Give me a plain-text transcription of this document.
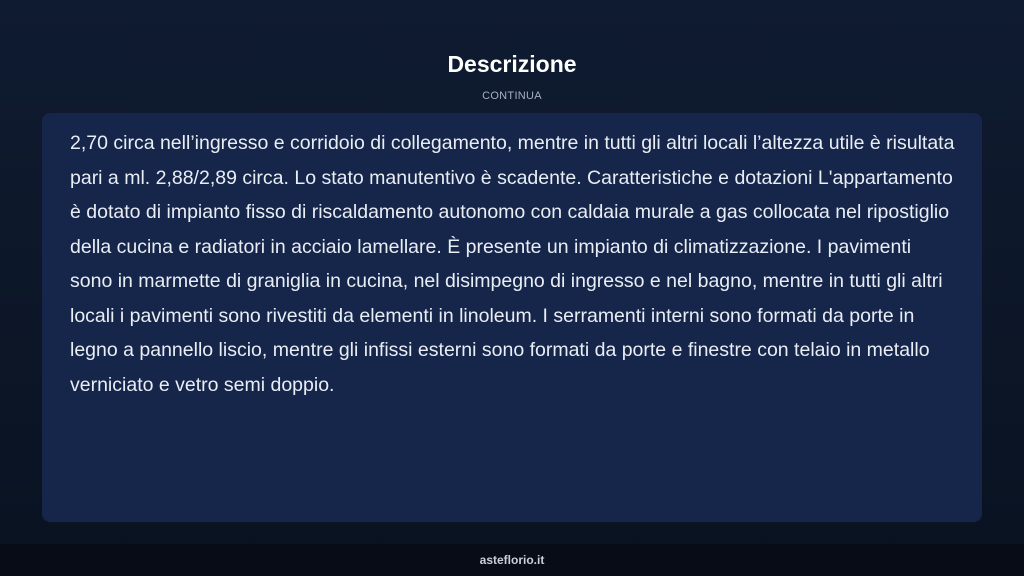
Descrizione
CONTINUA

2,70 circa nell’ingresso e corridoio di collegamento, mentre in tutti gli altri locali l’altezza utile è risultata pari a ml. 2,88/2,89 circa. Lo stato manutentivo è scadente. Caratteristiche e dotazioni L'appartamento è dotato di impianto fisso di riscaldamento autonomo con caldaia murale a gas collocata nel ripostiglio della cucina e radiatori in acciaio lamellare. È presente un impianto di climatizzazione. I pavimenti sono in marmette di graniglia in cucina, nel disimpegno di ingresso e nel bagno, mentre in tutti gli altri locali i pavimenti sono rivestiti da elementi in linoleum. I serramenti interni sono formati da porte in legno a pannello liscio, mentre gli infissi esterni sono formati da porte e finestre con telaio in metallo verniciato e vetro semi doppio.

asteflorio.it
